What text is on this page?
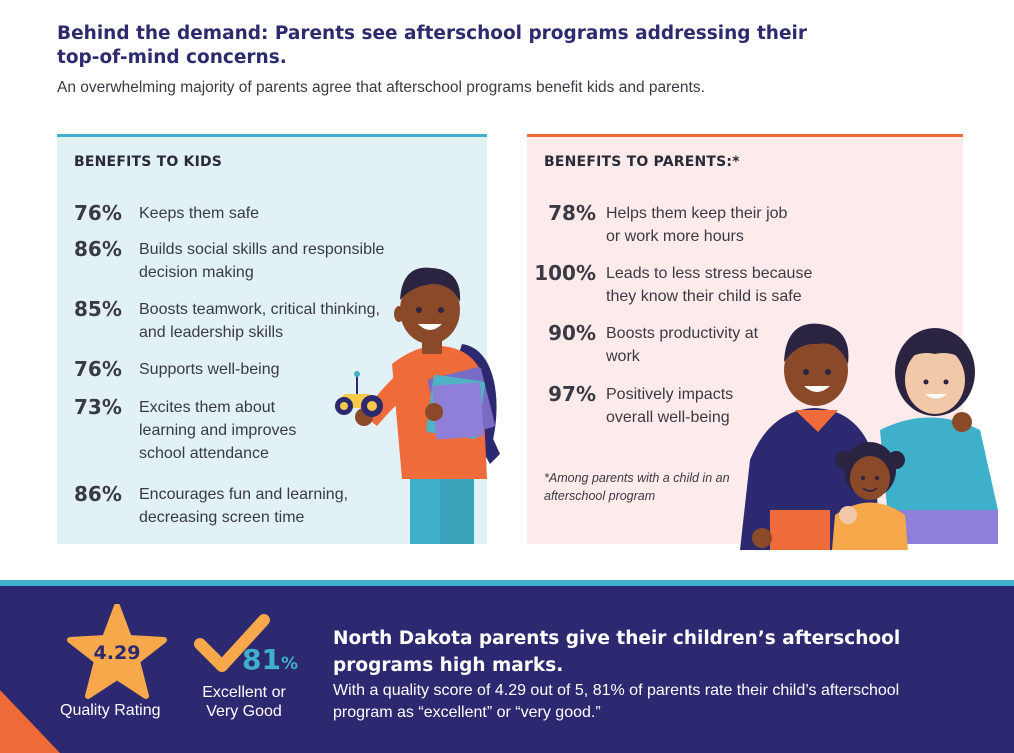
Behind the demand: Parents see afterschool programs addressing their top-of-mind concerns.

An overwhelming majority of parents agree that afterschool programs benefit kids and parents.

BENEFITS TO KIDS
76%	Keeps them safe
86%	Builds social skills and responsible decision making
85%	Boosts teamwork, critical thinking, and leadership skills
76%	Supports well-being
73%	Excites them about learning and improves school attendance
86%	Encourages fun and learning, decreasing screen time
BENEFITS TO PARENTS:*
78% Helps them keep their job or work more hours
100% Leads to less stress because they know their child is safe
90% Boosts productivity at work
97% Positively impacts overall well-being

*Among parents with a child in an afterschool program

4.29
Quality Rating
81%
Excellent or Very Good
North Dakota parents give their children’s afterschool programs high marks.

With a quality score of 4.29 out of 5, 81% of parents rate their child’s afterschool program as “excellent” or “very good.”
